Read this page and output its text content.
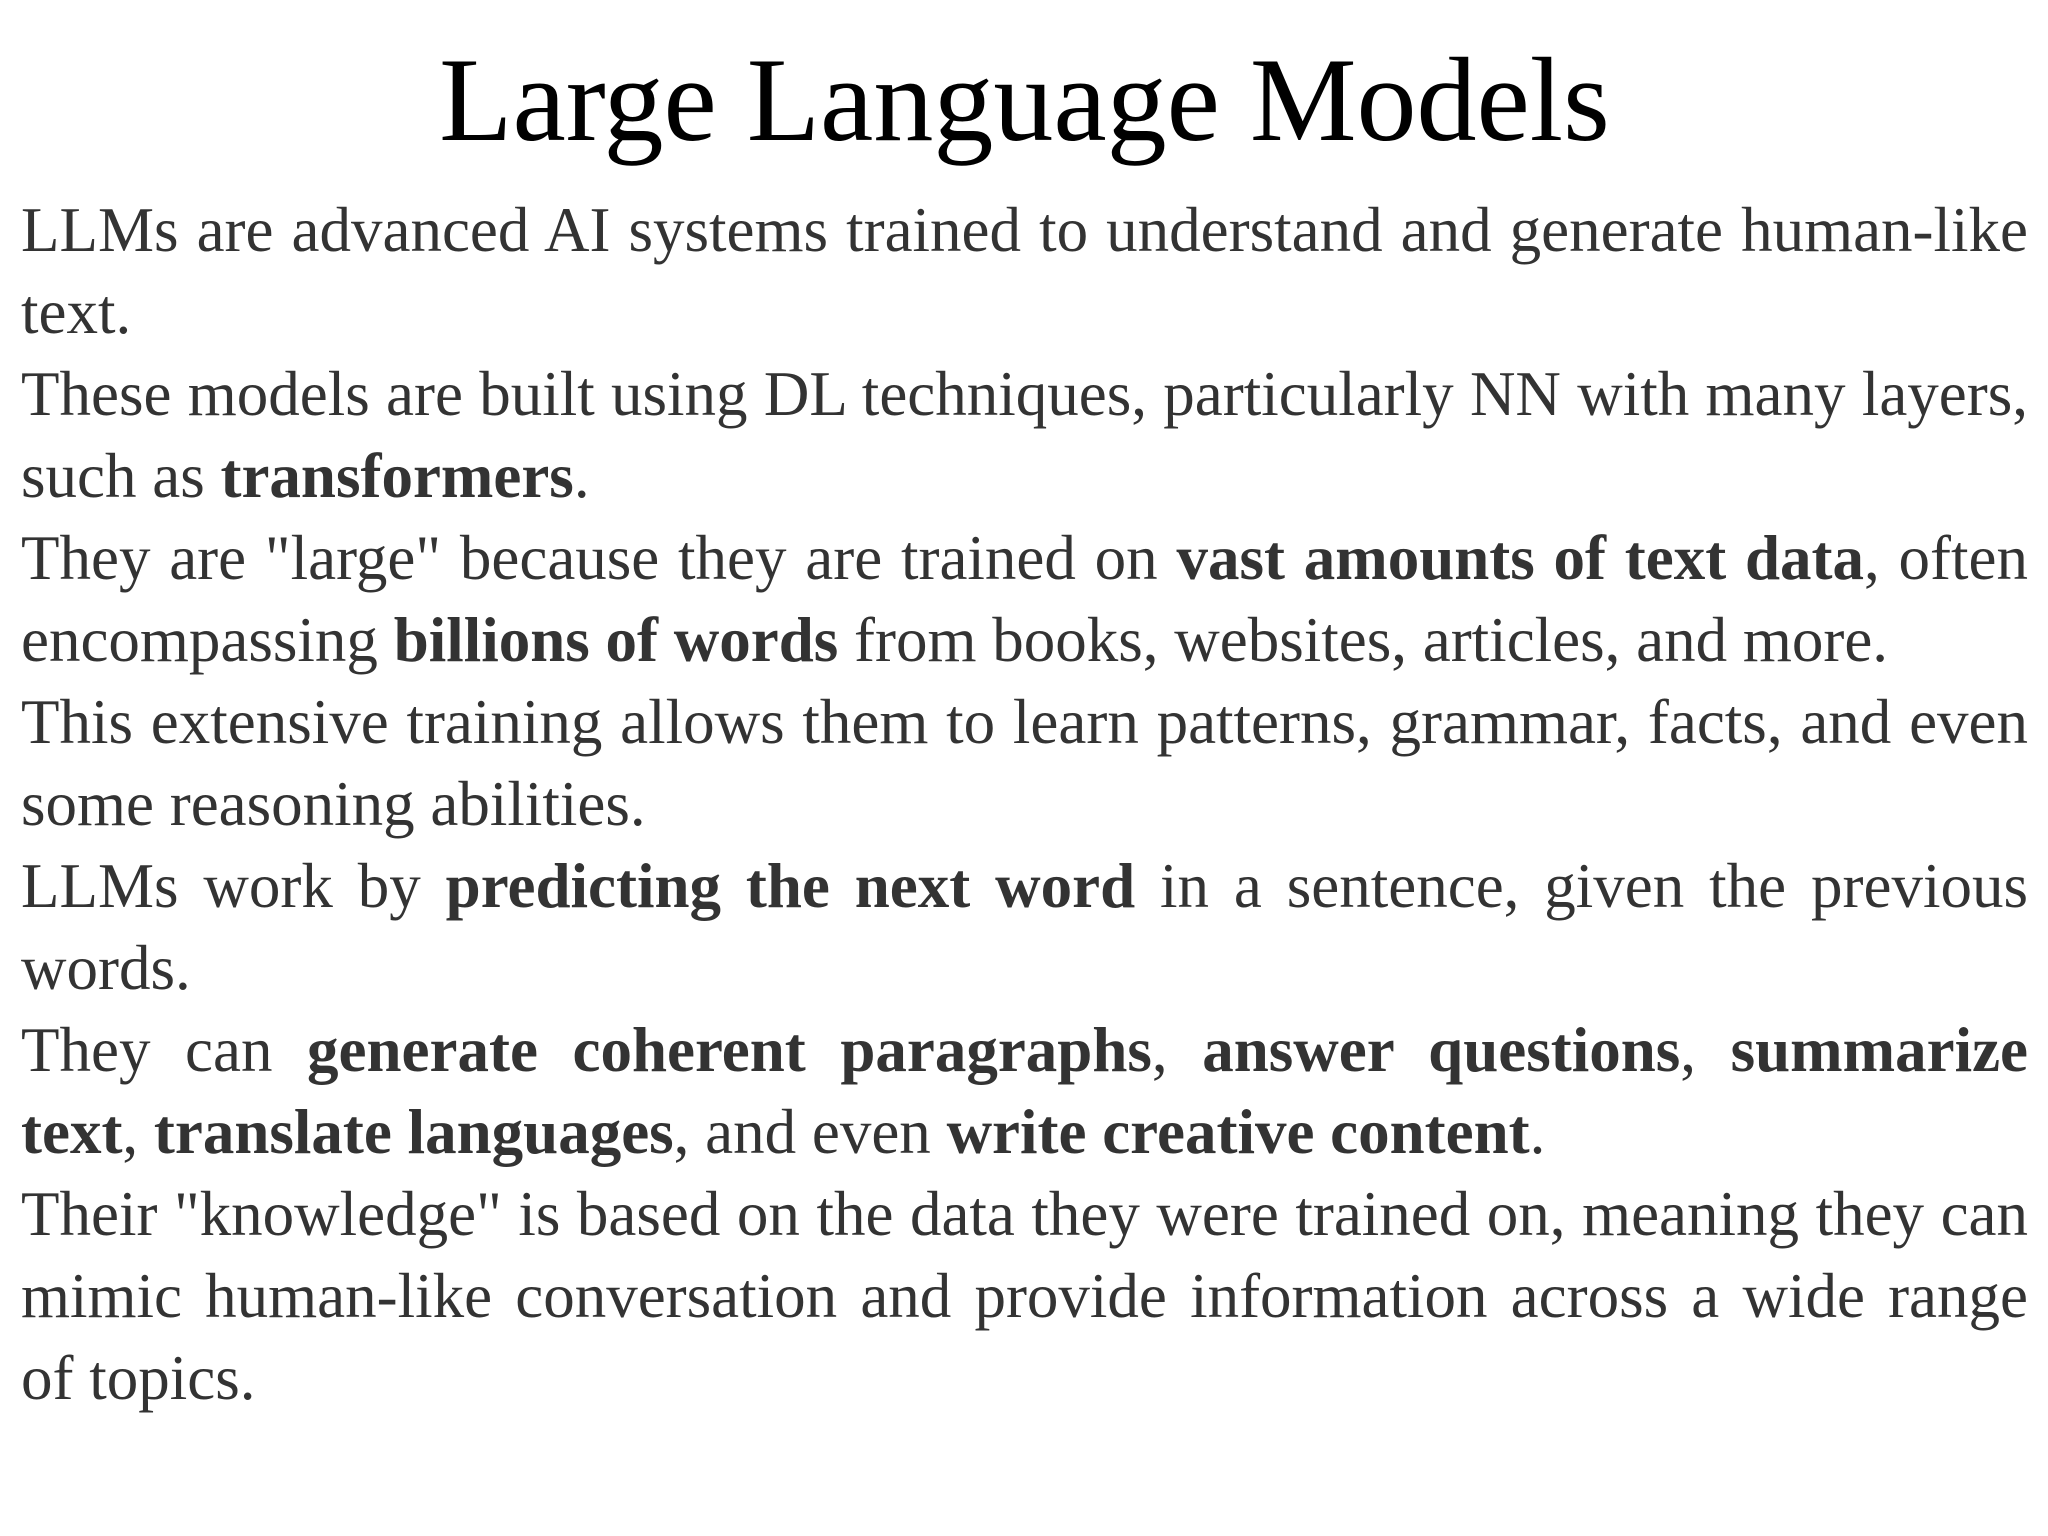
Large Language Models

LLMs are advanced AI systems trained to understand and generate human-like text.

These models are built using DL techniques, particularly NN with many layers, such as transformers.

They are "large" because they are trained on vast amounts of text data, often encompassing billions of words from books, websites, articles, and more.

This extensive training allows them to learn patterns, grammar, facts, and even some reasoning abilities.

LLMs work by predicting the next word in a sentence, given the previous words.

They can generate coherent paragraphs, answer questions, summarize text, translate languages, and even write creative content.

Their "knowledge" is based on the data they were trained on, meaning they can mimic human-like conversation and provide information across a wide range of topics.
